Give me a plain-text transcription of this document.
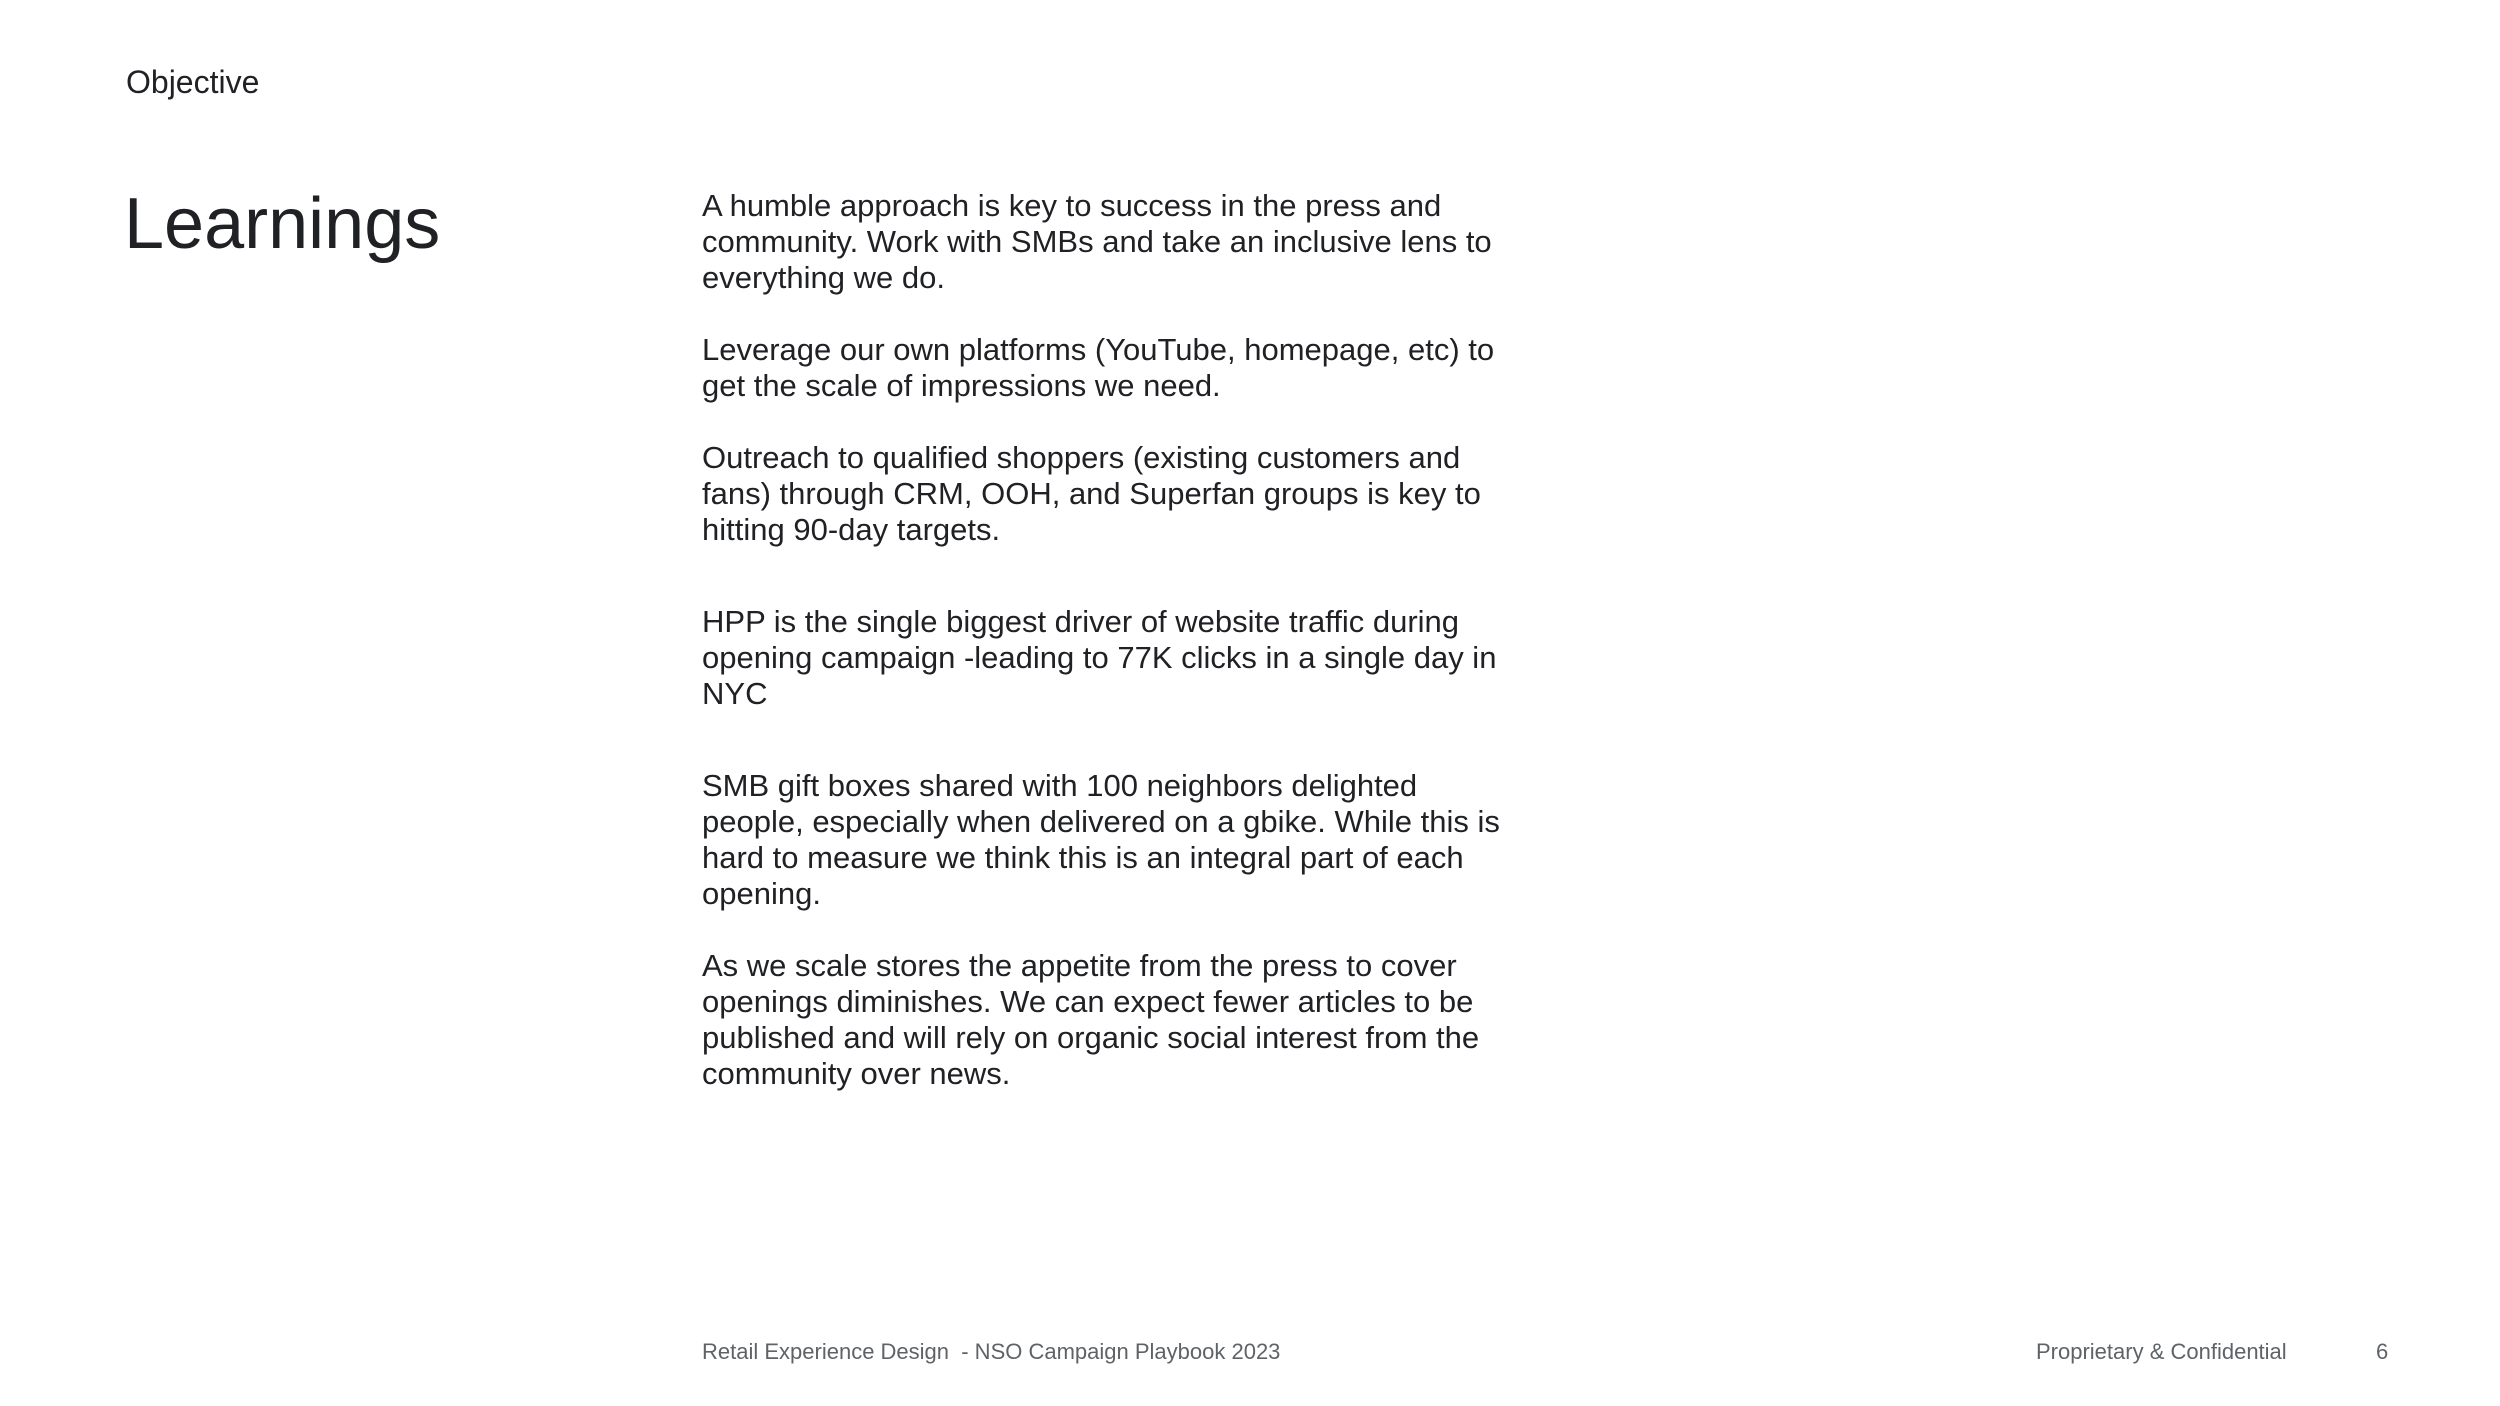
Objective
Learnings	A humble approach is key to success in the press and community. Work with SMBs and take an inclusive lens to everything we do.

Leverage our own platforms (YouTube, homepage, etc) to get the scale of impressions we need.

Outreach to qualified shoppers (existing customers and fans) through CRM, OOH, and Superfan groups is key to hitting 90-day targets.

HPP is the single biggest driver of website traffic during opening campaign -leading to 77K clicks in a single day in NYC

SMB gift boxes shared with 100 neighbors delighted people, especially when delivered on a gbike. While this is hard to measure we think this is an integral part of each opening.

As we scale stores the appetite from the press to cover openings diminishes. We can expect fewer articles to be published and will rely on organic social interest from the community over news.

Retail Experience Design  - NSO Campaign Playbook 2023	Proprietary & Confidential	6
